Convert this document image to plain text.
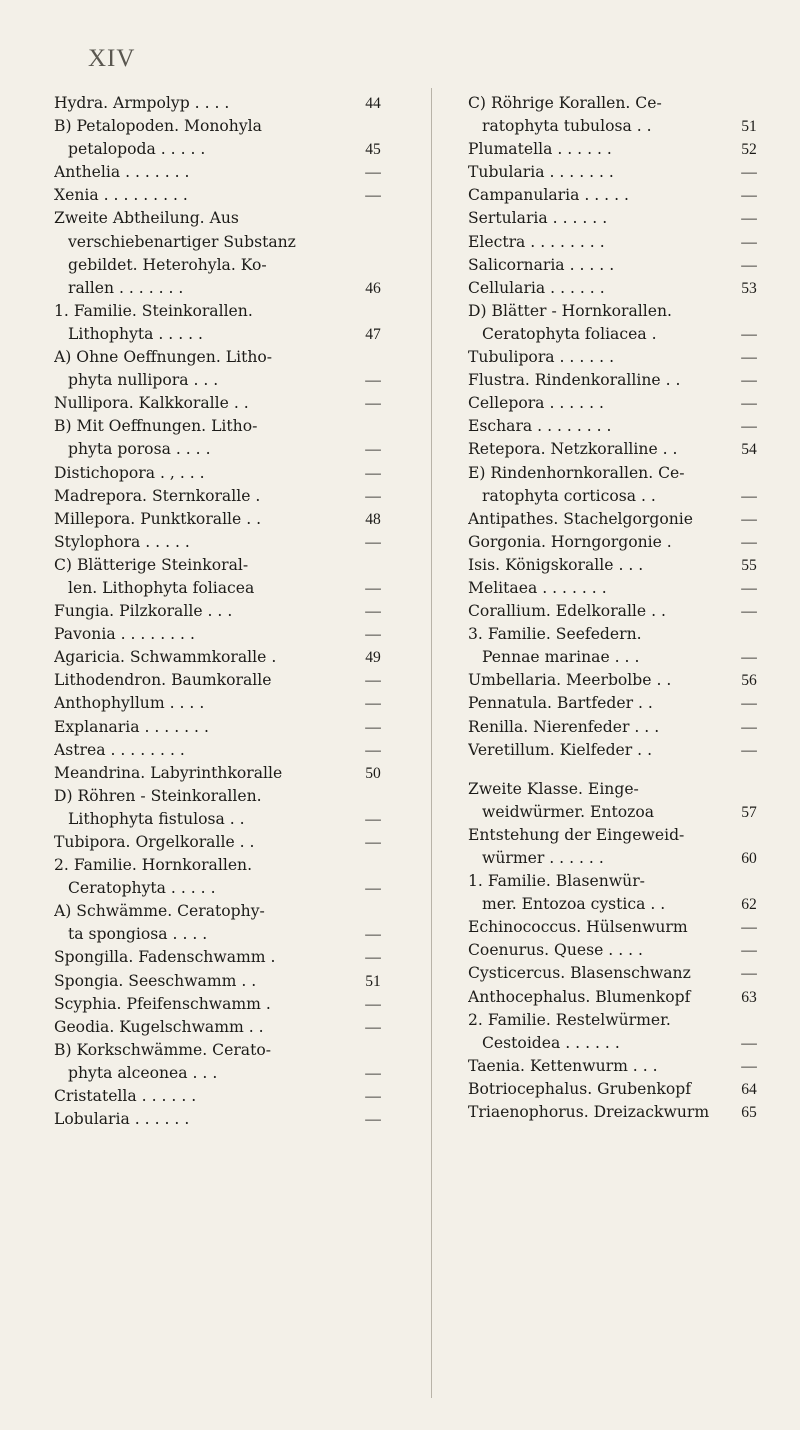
XIV
Hydra. Armpolyp . . . .	44
B) Petalopoden. Monohyla
petalopoda . . . . .	45
Anthelia . . . . . . .	—
Xenia . . . . . . . . .	—
Zweite Abtheilung. Aus
verschiebenartiger Substanz
gebildet. Heterohyla. Ko-
rallen . . . . . . .	46
1. Familie. Steinkorallen.
Lithophyta . . . . .	47
A) Ohne Oeffnungen. Litho-
phyta nullipora . . .	—
Nullipora. Kalkkoralle . .	—
B) Mit Oeffnungen. Litho-
phyta porosa . . . .	—
Distichopora . , . . .	—
Madrepora. Sternkoralle .	—
Millepora. Punktkoralle . .	48
Stylophora . . . . .	—
C) Blätterige Steinkoral-
len. Lithophyta foliacea	—
Fungia. Pilzkoralle . . .	—
Pavonia . . . . . . . .	—
Agaricia. Schwammkoralle .	49
Lithodendron. Baumkoralle	—
Anthophyllum . . . .	—
Explanaria . . . . . . .	—
Astrea . . . . . . . .	—
Meandrina. Labyrinthkoralle	50
D) Röhren - Steinkorallen.
Lithophyta fistulosa . .	—
Tubipora. Orgelkoralle . .	—
2. Familie. Hornkorallen.
Ceratophyta . . . . .	—
A) Schwämme. Ceratophy-
ta spongiosa . . . .	—
Spongilla. Fadenschwamm .	—
Spongia. Seeschwamm . .	51
Scyphia. Pfeifenschwamm .	—
Geodia. Kugelschwamm . .	—
B) Korkschwämme. Cerato-
phyta alceonea . . .	—
Cristatella . . . . . .	—
Lobularia . . . . . .	—
C) Röhrige Korallen. Ce-
ratophyta tubulosa . .	51
Plumatella . . . . . .	52
Tubularia . . . . . . .	—
Campanularia . . . . .	—
Sertularia . . . . . .	—
Electra . . . . . . . .	—
Salicornaria . . . . .	—
Cellularia . . . . . .	53
D) Blätter - Hornkorallen.
Ceratophyta foliacea .	—
Tubulipora . . . . . .	—
Flustra. Rindenkoralline . .	—
Cellepora . . . . . .	—
Eschara . . . . . . . .	—
Retepora. Netzkoralline . .	54
E) Rindenhornkorallen. Ce-
ratophyta corticosa . .	—
Antipathes. Stachelgorgonie	—
Gorgonia. Horngorgonie .	—
Isis. Königskoralle . . .	55
Melitaea . . . . . . .	—
Corallium. Edelkoralle . .	—
3. Familie. Seefedern.
Pennae marinae . . .	—
Umbellaria. Meerbolbe . .	56
Pennatula. Bartfeder . .	—
Renilla. Nierenfeder . . .	—
Veretillum. Kielfeder . .	—
Zweite Klasse. Einge-
weidwürmer. Entozoa	57
Entstehung der Eingeweid-
würmer . . . . . .	60
1. Familie. Blasenwür-
mer. Entozoa cystica . .	62
Echinococcus. Hülsenwurm	—
Coenurus. Quese . . . .	—
Cysticercus. Blasenschwanz	—
Anthocephalus. Blumenkopf	63
2. Familie. Restelwürmer.
Cestoidea . . . . . .	—
Taenia. Kettenwurm . . .	—
Botriocephalus. Grubenkopf	64
Triaenophorus. Dreizackwurm	65
